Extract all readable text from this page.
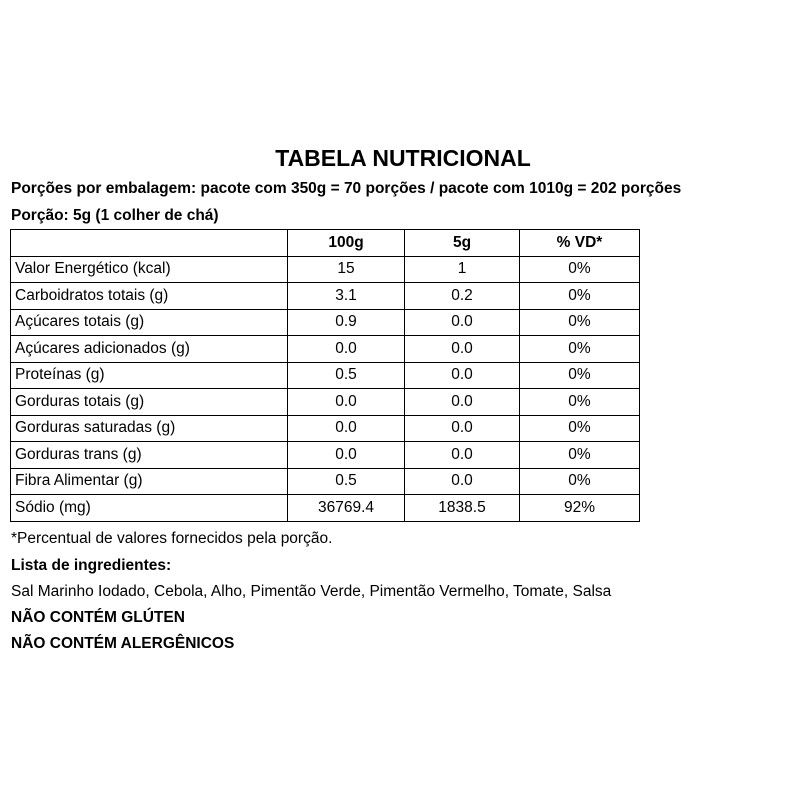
TABELA NUTRICIONAL

Porções por embalagem: pacote com 350g = 70 porções / pacote com 1010g = 202 porções

Porção: 5g (1 colher de chá)

	100g	5g	% VD*
Valor Energético (kcal)	15	1	0%
Carboidratos totais (g)	3.1	0.2	0%
Açúcares totais (g)	0.9	0.0	0%
Açúcares adicionados (g)	0.0	0.0	0%
Proteínas (g)	0.5	0.0	0%
Gorduras totais (g)	0.0	0.0	0%
Gorduras saturadas (g)	0.0	0.0	0%
Gorduras trans (g)	0.0	0.0	0%
Fibra Alimentar (g)	0.5	0.0	0%
Sódio (mg)	36769.4	1838.5	92%

*Percentual de valores fornecidos pela porção.

Lista de ingredientes:

Sal Marinho Iodado, Cebola, Alho, Pimentão Verde, Pimentão Vermelho, Tomate, Salsa

NÃO CONTÉM GLÚTEN

NÃO CONTÉM ALERGÊNICOS
